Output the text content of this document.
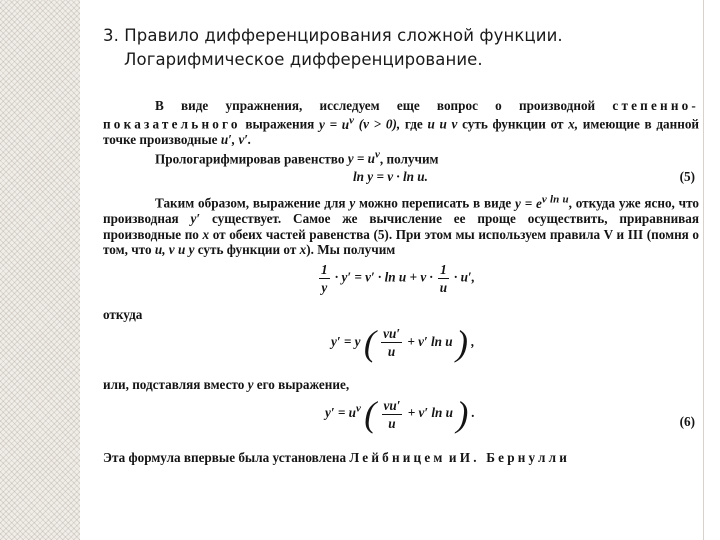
3. Правило дифференцирования сложной функции.
Логарифмическое дифференцирование.

В виде упражнения, исследуем еще вопрос о производной степенно-показательного выражения $y = u^v$ (v > 0), где u и v суть функции от x, имеющие в данной точке производные u′, v′.

Прологарифмировав равенство $y = u^v$, получим

ln y = v · ln u.	(5)

Таким образом, выражение для y можно переписать в виде $y = e^{v ln u}$, откуда уже ясно, что производная y′ существует. Самое же вычисление ее проще осуществить, приравнивая производные по x от обеих частей равенства (5). При этом мы используем правила V и III (помня о том, что u, v и y суть функции от x). Мы получим

$\frac{1}{y} \cdot y' = v' \cdot \ln u + v \cdot \frac{1}{u} \cdot u'$,

откуда

y′ = y ( $\frac{vu'}{u} + v'$ ln u ) ,

или, подставляя вместо y его выражение,

$y' = u^v$ ( $\frac{vu'}{u} + v'$ ln u ) .
(6)

Эта формула впервые была установлена Лейбницем и И. Бернулли
